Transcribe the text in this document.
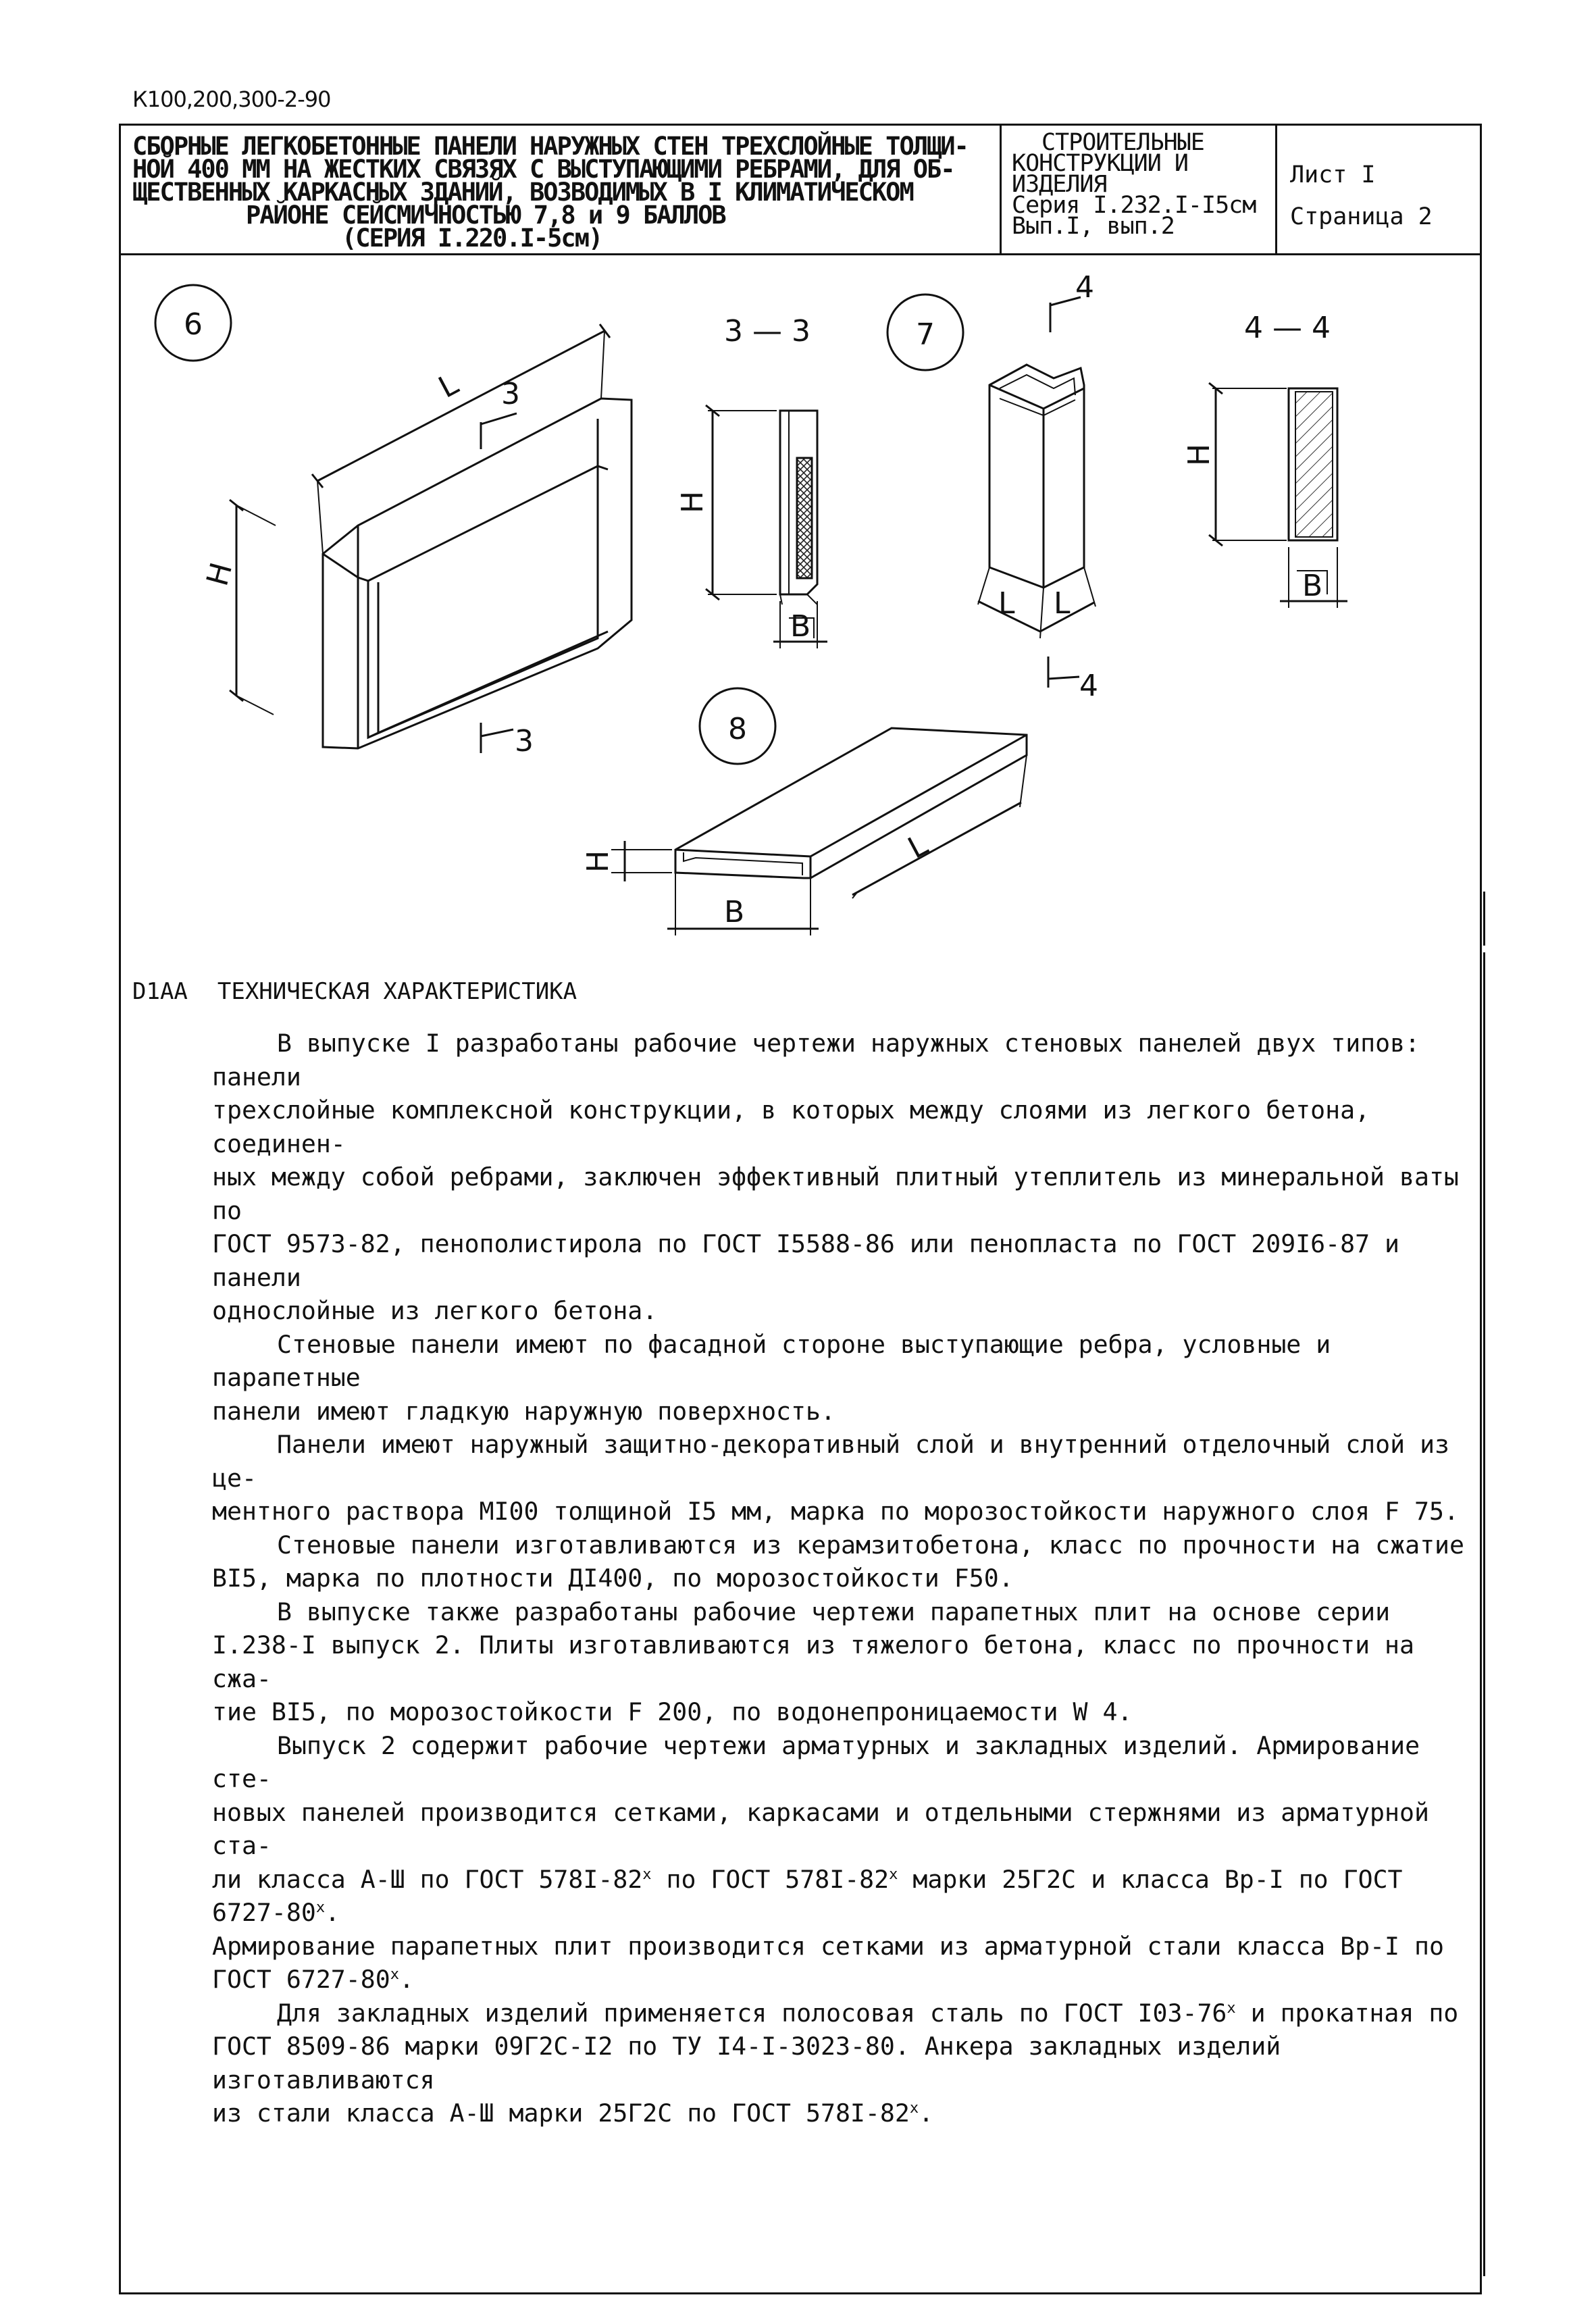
К100,200,300-2-90
СБОРНЫЕ ЛЕГКОБЕТОННЫЕ ПАНЕЛИ НАРУЖНЫХ СТЕН ТРЕХСЛОЙНЫЕ ТОЛЩИ-
НОЙ 400 ММ НА ЖЕСТКИХ СВЯЗЯХ С ВЫСТУПАЮЩИМИ РЕБРАМИ, ДЛЯ ОБ-
ЩЕСТВЕННЫХ КАРКАСНЫХ ЗДАНИЙ, ВОЗВОДИМЫХ В I КЛИМАТИЧЕСКОМ
РАЙОНЕ СЕЙСМИЧНОСТЬЮ 7,8 и 9 БАЛЛОВ
(СЕРИЯ I.220.I-5см)
СТРОИТЕЛЬНЫЕ
КОНСТРУКЦИИ И
ИЗДЕЛИЯ
Серия I.232.I-I5см
Вып.I, вып.2
Лист I
Страница 2
6
L
H
3
3
3 — 3
H
B
7
4
4
L L
4 — 4
H
B
8
L
B
H
D1AA ТЕХНИЧЕСКАЯ ХАРАКТЕРИСТИКА

В выпуске I разработаны рабочие чертежи наружных стеновых панелей двух типов: панели
трехслойные комплексной конструкции, в которых между слоями из легкого бетона, соединен-
ных между собой ребрами, заключен эффективный плитный утеплитель из минеральной ваты по
ГОСТ 9573-82, пенополистирола по ГОСТ I5588-86 или пенопласта по ГОСТ 209I6-87 и панели
однослойные из легкого бетона.

Стеновые панели имеют по фасадной стороне выступающие ребра, условные и парапетные
панели имеют гладкую наружную поверхность.

Панели имеют наружный защитно-декоративный слой и внутренний отделочный слой из це-
ментного раствора MI00 толщиной I5 мм, марка по морозостойкости наружного слоя F 75.

Стеновые панели изготавливаются из керамзитобетона, класс по прочности на сжатие
BI5, марка по плотности ДI400, по морозостойкости F50.

В выпуске также разработаны рабочие чертежи парапетных плит на основе серии
I.238-I выпуск 2. Плиты изготавливаются из тяжелого бетона, класс по прочности на сжа-
тие BI5, по морозостойкости F 200, по водонепроницаемости W 4.

Выпуск 2 содержит рабочие чертежи арматурных и закладных изделий. Армирование сте-
новых панелей производится сетками, каркасами и отдельными стержнями из арматурной ста-
ли класса А-Ш по ГОСТ 578I-82$^x$ по ГОСТ 578I-82$^x$ марки 25Г2С и класса Вр-I по ГОСТ 6727-80$^x$.
Армирование парапетных плит производится сетками из арматурной стали класса Вр-I по
ГОСТ 6727-80$^x$.

Для закладных изделий применяется полосовая сталь по ГОСТ I03-76$^x$ и прокатная по
ГОСТ 8509-86 марки 09Г2С-I2 по ТУ I4-I-3023-80. Анкера закладных изделий изготавливаются
из стали класса А-Ш марки 25Г2С по ГОСТ 578I-82$^x$.
